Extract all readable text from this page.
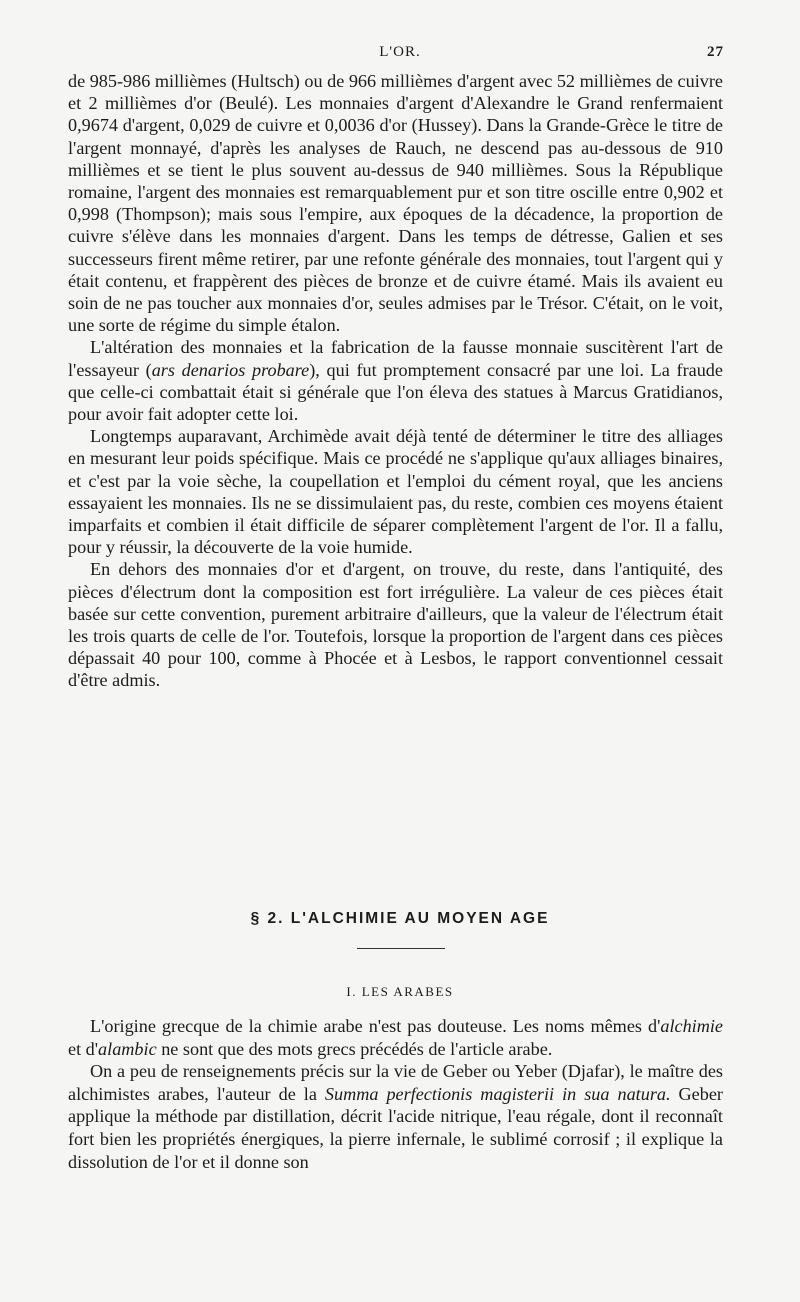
L'OR.	27

de 985-986 millièmes (Hultsch) ou de 966 millièmes d'argent avec 52 millièmes de cuivre et 2 millièmes d'or (Beulé). Les monnaies d'argent d'Alexandre le Grand renfermaient 0,9674 d'argent, 0,029 de cuivre et 0,0036 d'or (Hussey). Dans la Grande-Grèce le titre de l'argent monnayé, d'après les analyses de Rauch, ne descend pas au-dessous de 910 millièmes et se tient le plus souvent au-dessus de 940 millièmes. Sous la République romaine, l'argent des monnaies est remarquablement pur et son titre oscille entre 0,902 et 0,998 (Thompson); mais sous l'empire, aux époques de la décadence, la proportion de cuivre s'élève dans les monnaies d'argent. Dans les temps de détresse, Galien et ses successeurs firent même retirer, par une refonte générale des monnaies, tout l'argent qui y était contenu, et frappèrent des pièces de bronze et de cuivre étamé. Mais ils avaient eu soin de ne pas toucher aux monnaies d'or, seules admises par le Trésor. C'était, on le voit, une sorte de régime du simple étalon.

L'altération des monnaies et la fabrication de la fausse monnaie suscitèrent l'art de l'essayeur (ars denarios probare), qui fut promptement consacré par une loi. La fraude que celle-ci combattait était si générale que l'on éleva des statues à Marcus Gratidianos, pour avoir fait adopter cette loi.

Longtemps auparavant, Archimède avait déjà tenté de déterminer le titre des alliages en mesurant leur poids spécifique. Mais ce procédé ne s'applique qu'aux alliages binaires, et c'est par la voie sèche, la coupellation et l'emploi du cément royal, que les anciens essayaient les monnaies. Ils ne se dissimulaient pas, du reste, combien ces moyens étaient imparfaits et combien il était difficile de séparer complètement l'argent de l'or. Il a fallu, pour y réussir, la découverte de la voie humide.

En dehors des monnaies d'or et d'argent, on trouve, du reste, dans l'antiquité, des pièces d'électrum dont la composition est fort irrégulière. La valeur de ces pièces était basée sur cette convention, purement arbitraire d'ailleurs, que la valeur de l'électrum était les trois quarts de celle de l'or. Toutefois, lorsque la proportion de l'argent dans ces pièces dépassait 40 pour 100, comme à Phocée et à Lesbos, le rapport conventionnel cessait d'être admis.

§ 2. L'ALCHIMIE AU MOYEN AGE
I. LES ARABES

L'origine grecque de la chimie arabe n'est pas douteuse. Les noms mêmes d'alchimie et d'alambic ne sont que des mots grecs précédés de l'article arabe.

On a peu de renseignements précis sur la vie de Geber ou Yeber (Djafar), le maître des alchimistes arabes, l'auteur de la Summa perfectionis magisterii in sua natura. Geber applique la méthode par distillation, décrit l'acide nitrique, l'eau régale, dont il reconnaît fort bien les propriétés énergiques, la pierre infernale, le sublimé corrosif ; il explique la dissolution de l'or et il donne son
